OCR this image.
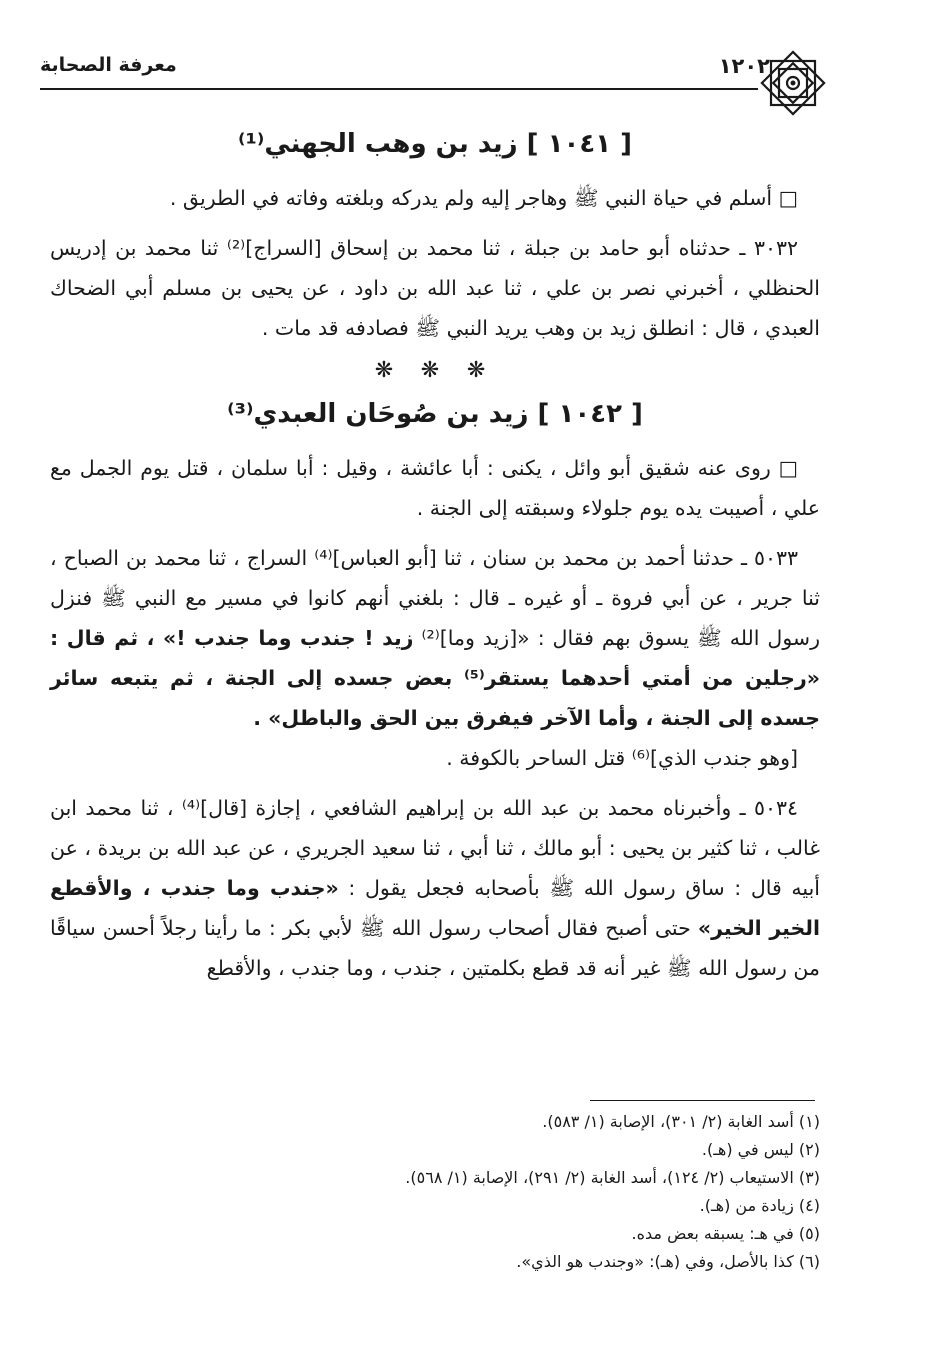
معرفة الصحابة	١٢٠٢
[ ١٠٤١ ] زيد بن وهب الجهني⁽¹⁾

□ أسلم في حياة النبي ﷺ وهاجر إليه ولم يدركه وبلغته وفاته في الطريق .

٣٠٣٢ ـ حدثناه أبو حامد بن جبلة ، ثنا محمد بن إسحاق [السراج]⁽²⁾ ثنا محمد بن إدريس الحنظلي ، أخبرني نصر بن علي ، ثنا عبد الله بن داود ، عن يحيى بن مسلم أبي الضحاك العبدي ، قال : انطلق زيد بن وهب يريد النبي ﷺ فصادفه قد مات .

❋ ❋ ❋
[ ١٠٤٢ ] زيد بن صُوحَان العبدي⁽³⁾

□ روى عنه شقيق أبو وائل ، يكنى : أبا عائشة ، وقيل : أبا سلمان ، قتل يوم الجمل مع علي ، أصيبت يده يوم جلولاء وسبقته إلى الجنة .

٥٠٣٣ ـ حدثنا أحمد بن محمد بن سنان ، ثنا [أبو العباس]⁽⁴⁾ السراج ، ثنا محمد بن الصباح ، ثنا جرير ، عن أبي فروة ـ أو غيره ـ قال : بلغني أنهم كانوا في مسير مع النبي ﷺ فنزل رسول الله ﷺ يسوق بهم فقال : «[زيد وما]⁽²⁾ زيد ! جندب وما جندب !» ، ثم قال : «رجلين من أمتي أحدهما يستقر⁽⁵⁾ بعض جسده إلى الجنة ، ثم يتبعه سائر جسده إلى الجنة ، وأما الآخر فيفرق بين الحق والباطل» .

[وهو جندب الذي]⁽⁶⁾ قتل الساحر بالكوفة .

٥٠٣٤ ـ وأخبرناه محمد بن عبد الله بن إبراهيم الشافعي ، إجازة [قال]⁽⁴⁾ ، ثنا محمد ابن غالب ، ثنا كثير بن يحيى : أبو مالك ، ثنا أبي ، ثنا سعيد الجريري ، عن عبد الله بن بريدة ، عن أبيه قال : ساق رسول الله ﷺ بأصحابه فجعل يقول : «جندب وما جندب ، والأقطع الخير الخير» حتى أصبح فقال أصحاب رسول الله ﷺ لأبي بكر : ما رأينا رجلاً أحسن سياقًا من رسول الله ﷺ غير أنه قد قطع بكلمتين ، جندب ، وما جندب ، والأقطع

(١) أسد الغابة (٢/ ٣٠١)، الإصابة (١/ ٥٨٣).

(٢) ليس في (هـ).

(٣) الاستيعاب (٢/ ١٢٤)، أسد الغابة (٢/ ٢٩١)، الإصابة (١/ ٥٦٨).

(٤) زيادة من (هـ).

(٥) في هـ: يسبقه بعض مده.

(٦) كذا بالأصل، وفي (هـ): «وجندب هو الذي».
